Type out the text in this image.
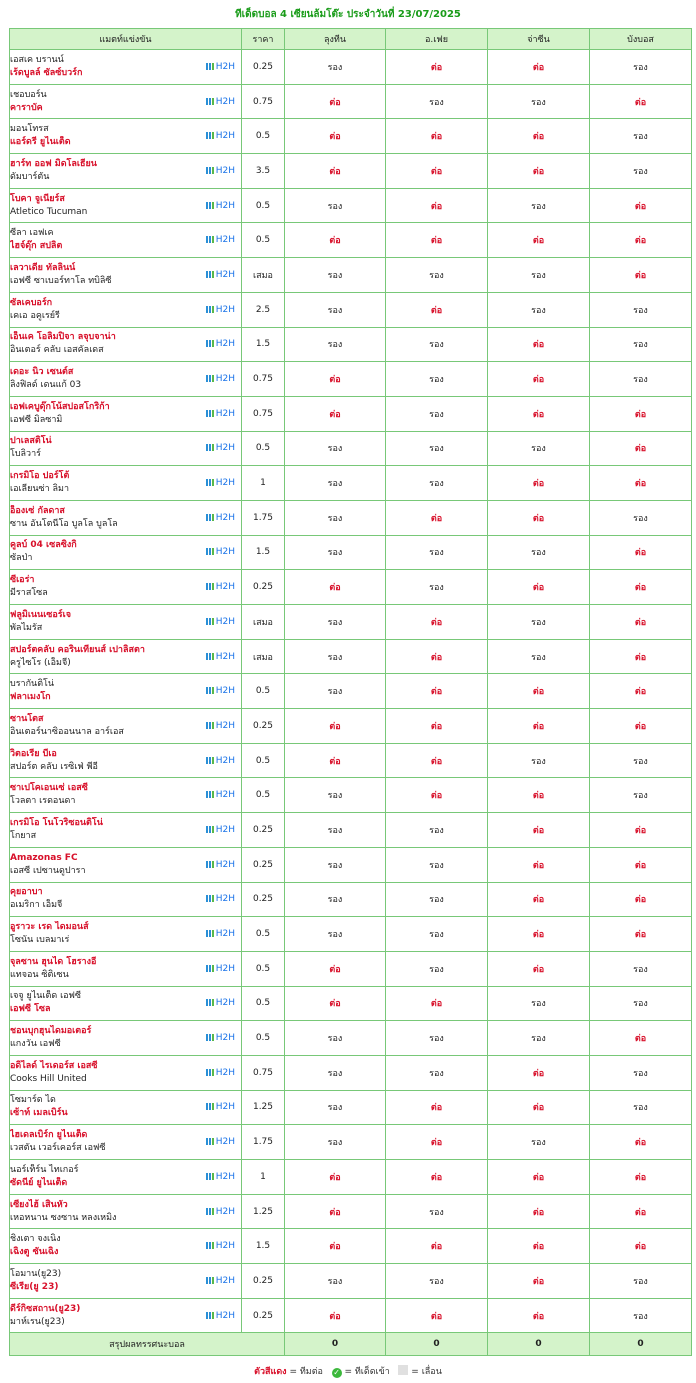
ทีเด็ดบอล 4 เซียนล้มโต๊ะ ประจำวันที่ 23/07/2025
แมตท์แข่งขัน	ราคา	ลุงทีน	อ.เฟย	จ่าซีน	บังบอส

เอสเค บรานน์
เร้ดบูลล์ ซัลซ์บวร์ก
H2H	0.25	รอง	ต่อ	ต่อ	รอง

เชอบอร์น
คาราบัค
H2H	0.75	ต่อ	รอง	รอง	ต่อ

มอนโทรส
แอร์ดรี่ ยูไนเต็ด
H2H	0.5	ต่อ	ต่อ	ต่อ	รอง

ฮาร์ท ออฟ มิดโลเธียน
ดัมบาร์ตัน
H2H	3.5	ต่อ	ต่อ	ต่อ	รอง

โบคา จูเนียร์ส
Atletico Tucuman
H2H	0.5	รอง	ต่อ	รอง	ต่อ

ซีลา เอฟเค
ไฮจ์ดุ๊ก สปลิต
H2H	0.5	ต่อ	ต่อ	ต่อ	ต่อ

เลวาเดีย ทัลลินน์
เอฟซี ซาเบอร์ทาโล ทบิลิซี
H2H	เสมอ	รอง	รอง	รอง	ต่อ

ซัลเคบอร์ก
เคเอ อคูเรย์รี
H2H	2.5	รอง	ต่อ	รอง	รอง

เอ็นเค โอลิมปิจา ลจุบจาน่า
อินเตอร์ คลับ เอสคัลเดส
H2H	1.5	รอง	รอง	ต่อ	รอง

เดอะ นิว เซนต์ส
ลิงฟิลด์ เดนแก้ 03
H2H	0.75	ต่อ	รอง	ต่อ	รอง

เอฟเคบูดุ๊กโน้สปอสโกริก้า
เอฟซี มิลซามิ
H2H	0.75	ต่อ	รอง	ต่อ	ต่อ

ปาเลสติโน่
โบลิวาร์
H2H	0.5	รอง	รอง	รอง	ต่อ

เกรมิโอ ปอร์โต้
เอเลียนซ่า ลิมา
H2H	1	รอง	รอง	ต่อ	ต่อ

อ็องเซ่ กัลดาส
ซาน อันโตนีโอ บูลโล บูลโล
H2H	1.75	รอง	ต่อ	ต่อ	รอง

คูลบ์ 04 เซลซิงกิ
ซัลป่า
H2H	1.5	รอง	รอง	รอง	ต่อ

ซีเอร่า
มีราสโซล
H2H	0.25	ต่อ	รอง	ต่อ	ต่อ

ฟลูมิเนนเซอร์เจ
พัลไมรัส
H2H	เสมอ	รอง	ต่อ	รอง	ต่อ

สปอร์ตคลับ คอรินเทียนส์ เปาลิสตา
ครูไซโร (เอ็มจี)
H2H	เสมอ	รอง	ต่อ	รอง	ต่อ

บรากันติโน่
ฟลาเมงโก
H2H	0.5	รอง	ต่อ	ต่อ	ต่อ

ซานโตส
อินเตอร์นาซิออนนาล อาร์เอส
H2H	0.25	ต่อ	ต่อ	ต่อ	ต่อ

วิตอเรีย บีเอ
สปอร์ต คลับ เรซิเฟ่ พีอี
H2H	0.5	ต่อ	ต่อ	รอง	รอง

ซาเปโคเอนเซ่ เอสซี
โวลตา เรดอนดา
H2H	0.5	รอง	ต่อ	ต่อ	รอง

เกรมิโอ โนโวริซอนติโน่
โกยาส
H2H	0.25	รอง	รอง	ต่อ	ต่อ

Amazonas FC
เอสซี เปซานดูปารา
H2H	0.25	รอง	รอง	ต่อ	ต่อ

คุยอาบา
อเมริกา เอ็มจี
H2H	0.25	รอง	รอง	ต่อ	ต่อ

อูราวะ เรด ไดมอนส์
โซนัน เบลมาเร่
H2H	0.5	รอง	รอง	ต่อ	ต่อ

จุลซาน ฮุนได โฮรางอี
แทจอน ซิติเซน
H2H	0.5	ต่อ	รอง	ต่อ	รอง

เจจู ยูไนเต็ด เอฟซี
เอฟซี โซล
H2H	0.5	ต่อ	ต่อ	รอง	รอง

ชอนบุกฮุนไดมอเตอร์
แกงวัน เอฟซี
H2H	0.5	รอง	รอง	รอง	ต่อ

อดิไลด์ ไรเดอร์ส เอสซี
Cooks Hill United
H2H	0.75	รอง	รอง	ต่อ	รอง

โซมาร์ด ได
เซ้าท์ เมลเบิร์น
H2H	1.25	รอง	ต่อ	ต่อ	รอง

ไฮเดลเบิร์ก ยูไนเต็ด
เวสตัน เวอร์เคอร์ส เอฟซี
H2H	1.75	รอง	ต่อ	รอง	ต่อ

นอร์เท็ร์น ไทเกอร์
ซัดนีย์ ยูไนเต็ด
H2H	1	ต่อ	ต่อ	ต่อ	ต่อ

เซี่ยงไฮ้ เสินหัว
เหอหนาน ซงซาน หลงเหมิง
H2H	1.25	ต่อ	รอง	ต่อ	ต่อ

ชิงเตา จงเนิง
เฉิงตู ซันเฉิง
H2H	1.5	ต่อ	ต่อ	ต่อ	ต่อ

โอมาน(ยู23)
ซีเรีย(ยู 23)
H2H	0.25	รอง	รอง	ต่อ	รอง

ดีร์กิซสถาน(ยู23)
มาห์เรน(ยู23)
H2H	0.25	ต่อ	ต่อ	ต่อ	รอง
สรุปผลทรรศนะบอล		0	0	0	0
ตัวสีแดง = ทีมต่อ ✓ = ทีเด็ดเข้า = เลื่อน
